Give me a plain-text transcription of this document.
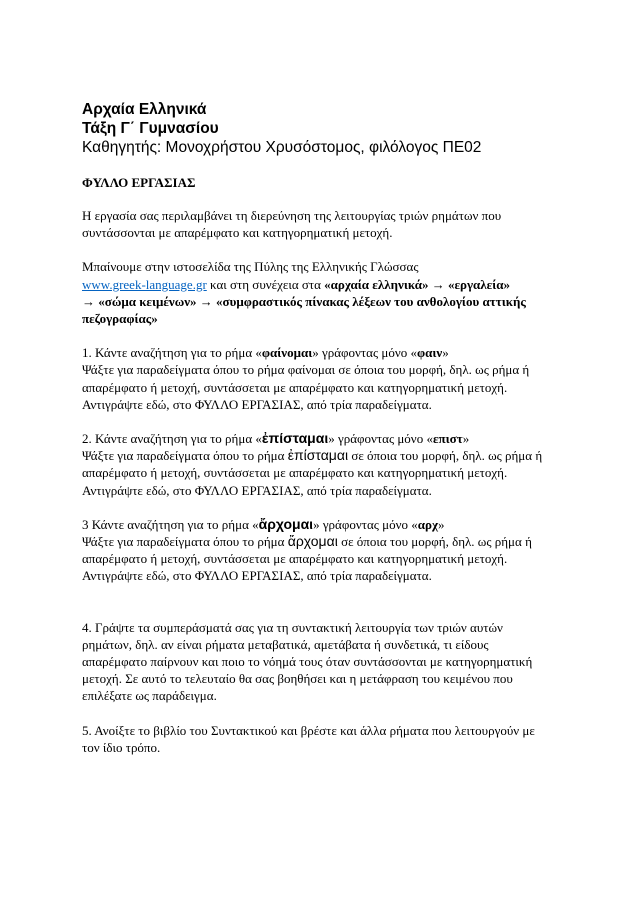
Αρχαία Ελληνικά
Τάξη Γ΄ Γυμνασίου
Καθηγητής: Μονοχρήστου Χρυσόστομος, φιλόλογος ΠΕ02
ΦΥΛΛΟ ΕΡΓΑΣΙΑΣ

Η εργασία σας περιλαμβάνει τη διερεύνηση της λειτουργίας τριών ρημάτων που συντάσσονται με απαρέμφατο και κατηγορηματική μετοχή.

Μπαίνουμε στην ιστοσελίδα της Πύλης της Ελληνικής Γλώσσας
www.greek-language.gr και στη συνέχεια στα «αρχαία ελληνικά» → «εργαλεία»
→ «σώμα κειμένων» → «συμφραστικός πίνακας λέξεων του ανθολογίου αττικής πεζογραφίας»

1. Κάντε αναζήτηση για το ρήμα «φαίνομαι» γράφοντας μόνο «φαιν»
Ψάξτε για παραδείγματα όπου το ρήμα φαίνομαι σε όποια του μορφή, δηλ. ως ρήμα ή απαρέμφατο ή μετοχή, συντάσσεται με απαρέμφατο και κατηγορηματική μετοχή.
Αντιγράψτε εδώ, στο ΦΥΛΛΟ ΕΡΓΑΣΙΑΣ, από τρία παραδείγματα.

2. Κάντε αναζήτηση για το ρήμα «ἐπίσταμαι» γράφοντας μόνο «επιστ»
Ψάξτε για παραδείγματα όπου το ρήμα ἐπίσταμαι σε όποια του μορφή, δηλ. ως ρήμα ή απαρέμφατο ή μετοχή, συντάσσεται με απαρέμφατο και κατηγορηματική μετοχή.
Αντιγράψτε εδώ, στο ΦΥΛΛΟ ΕΡΓΑΣΙΑΣ, από τρία παραδείγματα.

3 Κάντε αναζήτηση για το ρήμα «ἄρχομαι» γράφοντας μόνο «αρχ»
Ψάξτε για παραδείγματα όπου το ρήμα ἄρχομαι σε όποια του μορφή, δηλ. ως ρήμα ή απαρέμφατο ή μετοχή, συντάσσεται με απαρέμφατο και κατηγορηματική μετοχή.
Αντιγράψτε εδώ, στο ΦΥΛΛΟ ΕΡΓΑΣΙΑΣ, από τρία παραδείγματα.

4. Γράψτε τα συμπεράσματά σας για τη συντακτική λειτουργία των τριών αυτών ρημάτων, δηλ. αν είναι ρήματα μεταβατικά, αμετάβατα ή συνδετικά, τι είδους απαρέμφατο παίρνουν και ποιο το νόημά τους όταν συντάσσονται με κατηγορηματική μετοχή. Σε αυτό το τελευταίο θα σας βοηθήσει και η μετάφραση του κειμένου που επιλέξατε ως παράδειγμα.

5. Ανοίξτε το βιβλίο του Συντακτικού και βρέστε και άλλα ρήματα που λειτουργούν με τον ίδιο τρόπο.
